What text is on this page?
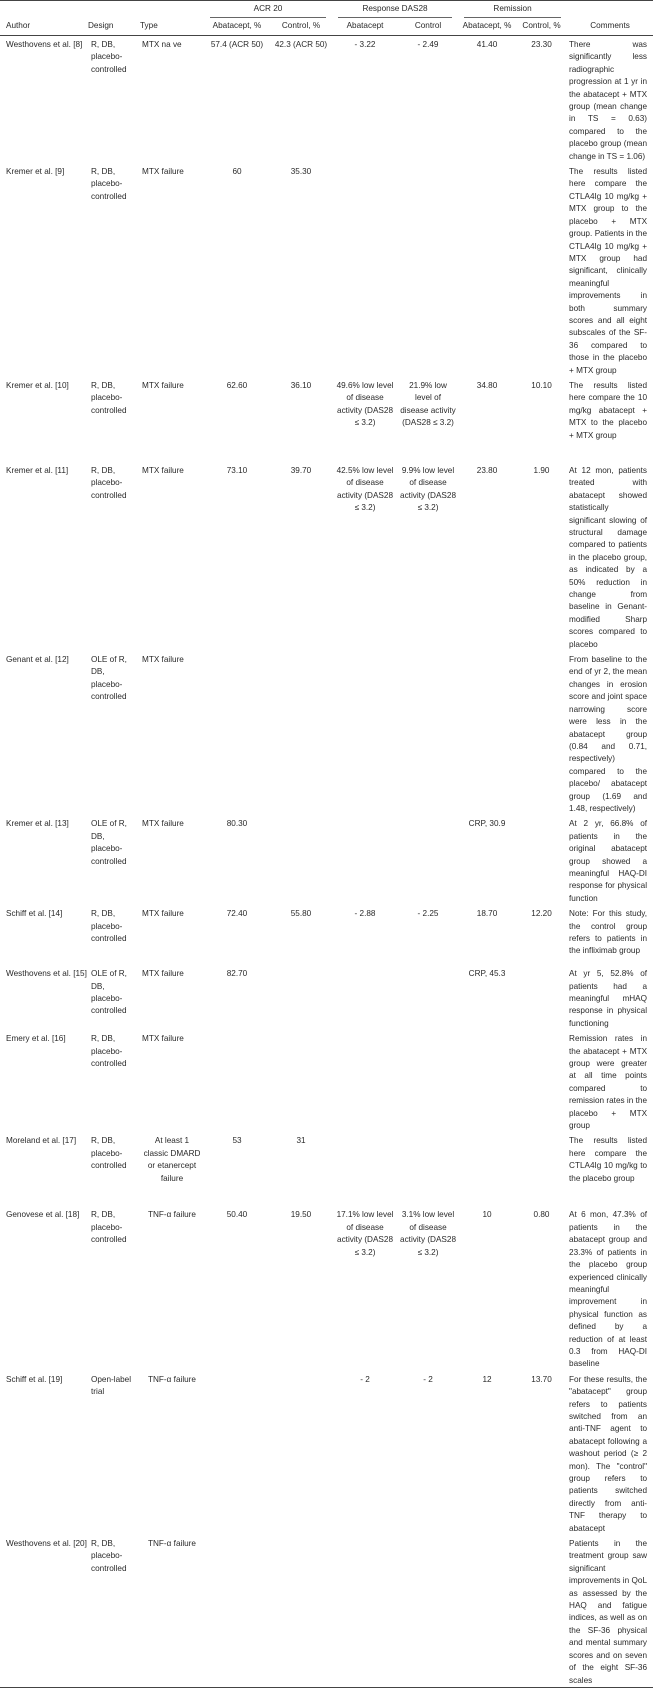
			ACR 20		Response DAS28		Remission	

Author	Design	Type	Abatacept, %	Control, %	Abatacept	Control	Abatacept, %	Control, %	Comments
Westhovens et al. [8]	R, DB, placebo-controlled	MTX na ve	57.4 (ACR 50)	42.3 (ACR 50)	- 3.22	- 2.49	41.40	23.30	There was significantly less radiographic progression at 1 yr in the abatacept + MTX group (mean change in TS = 0.63) compared to the placebo group (mean change in TS = 1.06)
Kremer et al. [9]	R, DB, placebo-controlled	MTX failure	60	35.30					The results listed here compare the CTLA4Ig 10 mg/kg + MTX group to the placebo + MTX group. Patients in the CTLA4Ig 10 mg/kg + MTX group had significant, clinically meaningful improvements in both summary scores and all eight subscales of the SF-36 compared to those in the placebo + MTX group
Kremer et al. [10]	R, DB, placebo-controlled	MTX failure	62.60	36.10	49.6% low level of disease activity (DAS28 ≤ 3.2)	21.9% low level of disease activity (DAS28 ≤ 3.2)	34.80	10.10	The results listed here compare the 10 mg/kg abatacept + MTX to the placebo + MTX group
Kremer et al. [11]	R, DB, placebo-controlled	MTX failure	73.10	39.70	42.5% low level of disease activity (DAS28 ≤ 3.2)	9.9% low level of disease activity (DAS28 ≤ 3.2)	23.80	1.90	At 12 mon, patients treated with abatacept showed statistically significant slowing of structural damage compared to patients in the placebo group, as indicated by a 50% reduction in change from baseline in Genant-modified Sharp scores compared to placebo
Genant et al. [12]	OLE of R, DB, placebo-controlled	MTX failure							From baseline to the end of yr 2, the mean changes in erosion score and joint space narrowing score were less in the abatacept group (0.84 and 0.71, respectively) compared to the placebo/ abatacept group (1.69 and 1.48, respectively)
Kremer et al. [13]	OLE of R, DB, placebo-controlled	MTX failure	80.30				CRP, 30.9		At 2 yr, 66.8% of patients in the original abatacept group showed a meaningful HAQ-DI response for physical function
Schiff et al. [14]	R, DB, placebo-controlled	MTX failure	72.40	55.80	- 2.88	- 2.25	18.70	12.20	Note: For this study, the control group refers to patients in the infliximab group
Westhovens et al. [15]	OLE of R, DB, placebo-controlled	MTX failure	82.70				CRP, 45.3		At yr 5, 52.8% of patients had a meaningful mHAQ response in physical functioning
Emery et al. [16]	R, DB, placebo-controlled	MTX failure							Remission rates in the abatacept + MTX group were greater at all time points compared to remission rates in the placebo + MTX group
Moreland et al. [17]	R, DB, placebo-controlled	At least 1 classic DMARD or etanercept failure	53	31					The results listed here compare the CTLA4Ig 10 mg/kg to the placebo group
Genovese et al. [18]	R, DB, placebo-controlled	TNF-α failure	50.40	19.50	17.1% low level of disease activity (DAS28 ≤ 3.2)	3.1% low level of disease activity (DAS28 ≤ 3.2)	10	0.80	At 6 mon, 47.3% of patients in the abatacept group and 23.3% of patients in the placebo group experienced clinically meaningful improvement in physical function as defined by a reduction of at least 0.3 from HAQ-DI baseline
Schiff et al. [19]	Open-label trial	TNF-α failure			- 2	- 2	12	13.70	For these results, the "abatacept" group refers to patients switched from an anti-TNF agent to abatacept following a washout period (≥ 2 mon). The "control" group refers to patients switched directly from anti-TNF therapy to abatacept
Westhovens et al. [20]	R, DB, placebo-controlled	TNF-α failure							Patients in the treatment group saw significant improvements in QoL as assessed by the HAQ and fatigue indices, as well as on the SF-36 physical and mental summary scores and on seven of the eight SF-36 scales
